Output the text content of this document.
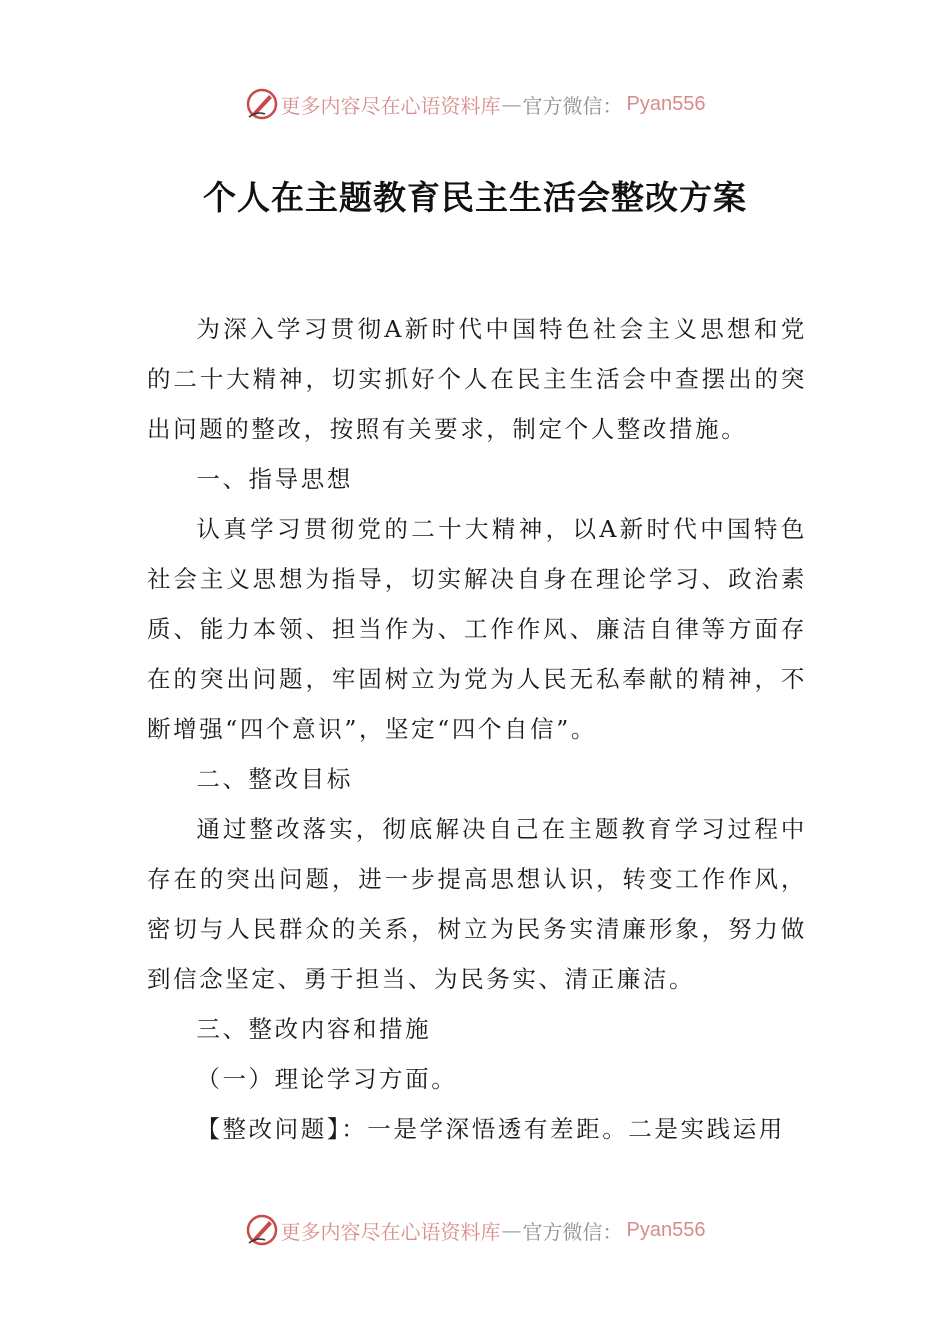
更多内容尽在心语资料库 — 官方微信： Pyan556
个人在主题教育民主生活会整改方案

为深入学习贯彻A新时代中国特色社会主义思想和党的二十大精神，切实抓好个人在民主生活会中查摆出的突出问题的整改，按照有关要求，制定个人整改措施。

一、指导思想

认真学习贯彻党的二十大精神，以A新时代中国特色社会主义思想为指导，切实解决自身在理论学习、政治素质、能力本领、担当作为、工作作风、廉洁自律等方面存在的突出问题，牢固树立为党为人民无私奉献的精神，不断增强“四个意识”，坚定“四个自信”。

二、整改目标

通过整改落实，彻底解决自己在主题教育学习过程中存在的突出问题，进一步提高思想认识，转变工作作风，密切与人民群众的关系，树立为民务实清廉形象，努力做到信念坚定、勇于担当、为民务实、清正廉洁。

三、整改内容和措施

（一）理论学习方面。

【整改问题】：一是学深悟透有差距。二是实践运用

更多内容尽在心语资料库 — 官方微信： Pyan556
